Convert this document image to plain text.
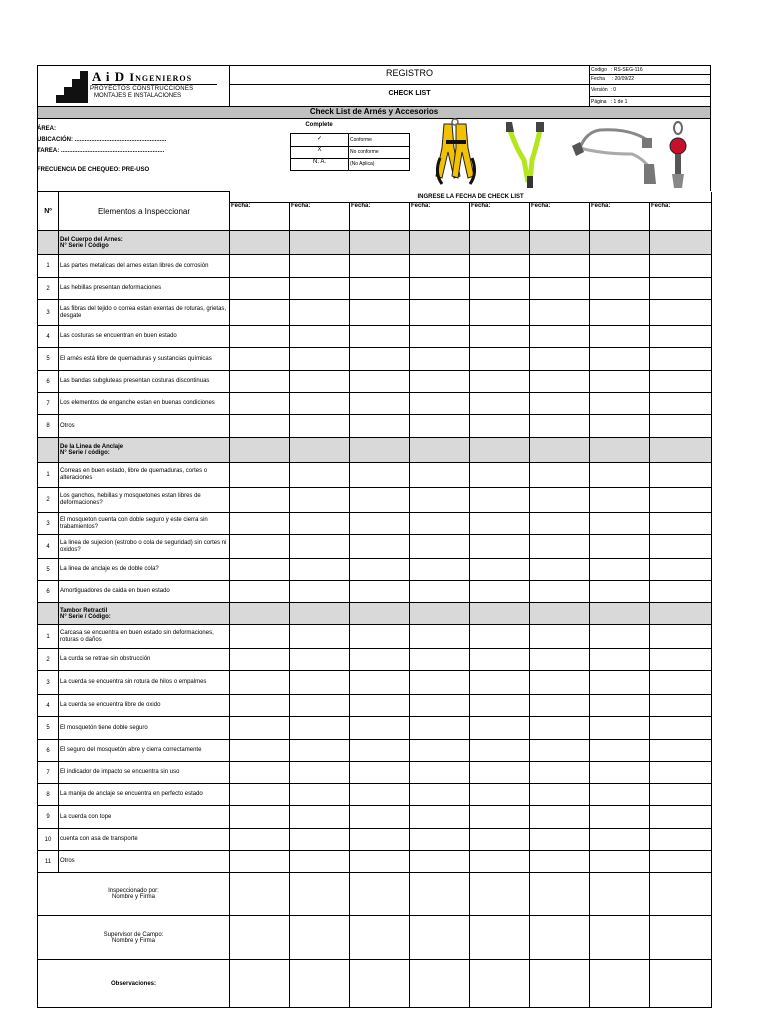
A i D Ingenieros
PROYECTOS CONSTRUCCIONES
MONTAJES E INSTALACIONES
REGISTRO
CHECK LIST
Codigo   : RS-SEG-116
Fecha     : 20/09/22
Versión  : 0
Página   : 1 de 1
Check List de Arnés y Accesorios
ÁREA:
UBICACIÓN: .......................................................
TAREA: ..............................................................
FRECUENCIA DE CHEQUEO: PRE-USO
Complete
✓	Conforme
X	No conforme
N. A.	(No Aplica)
Nº	Elementos a Inspeccionar	INGRESE LA FECHA DE CHECK LIST							
		Fecha:	Fecha:	Fecha:	Fecha:	Fecha:	Fecha:	Fecha:	Fecha:
	Del Cuerpo del Arnes:
N° Serie / Código								
1	Las partes metalicas del arnes estan libres de corrosión								
2	Las hebillas presentan deformaciones								
3	Las fibras del tejido o correa estan exentas de roturas, grietas, desgate								
4	Las costuras se encuentran en buen estado								
5	El arnés está libre de quemaduras y sustancias químicas								
6	Las bandas subgluteas presentan costuras discontinuas								
7	Los elementos de enganche estan en buenas condiciones								
8	Otros								
	De la Linea de Anclaje
N° Serie / código:								
1	Correas en buen estado, libre de quemaduras, cortes o alteraciones								
2	Los ganchos, hebillas y mosquetones estan libres de deformaciones?								
3	El mosqueton cuenta con doble seguro y este cierra sin trabamientos?								
4	La linea de sujecion (estrobo o cola de seguridad) sin cortes ni oxidos?								
5	La linea de anclaje es de doble cola?								
6	Amortiguadores de caida en buen estado								
	Tambor Retractil
N° Serie / Código:								
1	Carcasa se encuentra en buen estado sin deformaciones, roturas o daños								
2	La curda se retrae sin obstrucción								
3	La cuerda se encuentra sin rotura de hilos o empalmes								
4	La cuerda se encuentra libre de oxido								
5	El mosquetón tiene doble seguro								
6	El seguro del mosquetón abre y cierra correctamente								
7	El indicador de impacto se encuentra sin uso								
8	La manija de anclaje se encuentra en perfecto estado								
9	La cuerda con tope								
10	cuenta con asa de transporte								
11	Otros								
Inspeccionado por:
Nombre y Firma									
Supervisor de Campo:
Nombre y Firma									
Observaciones:									
